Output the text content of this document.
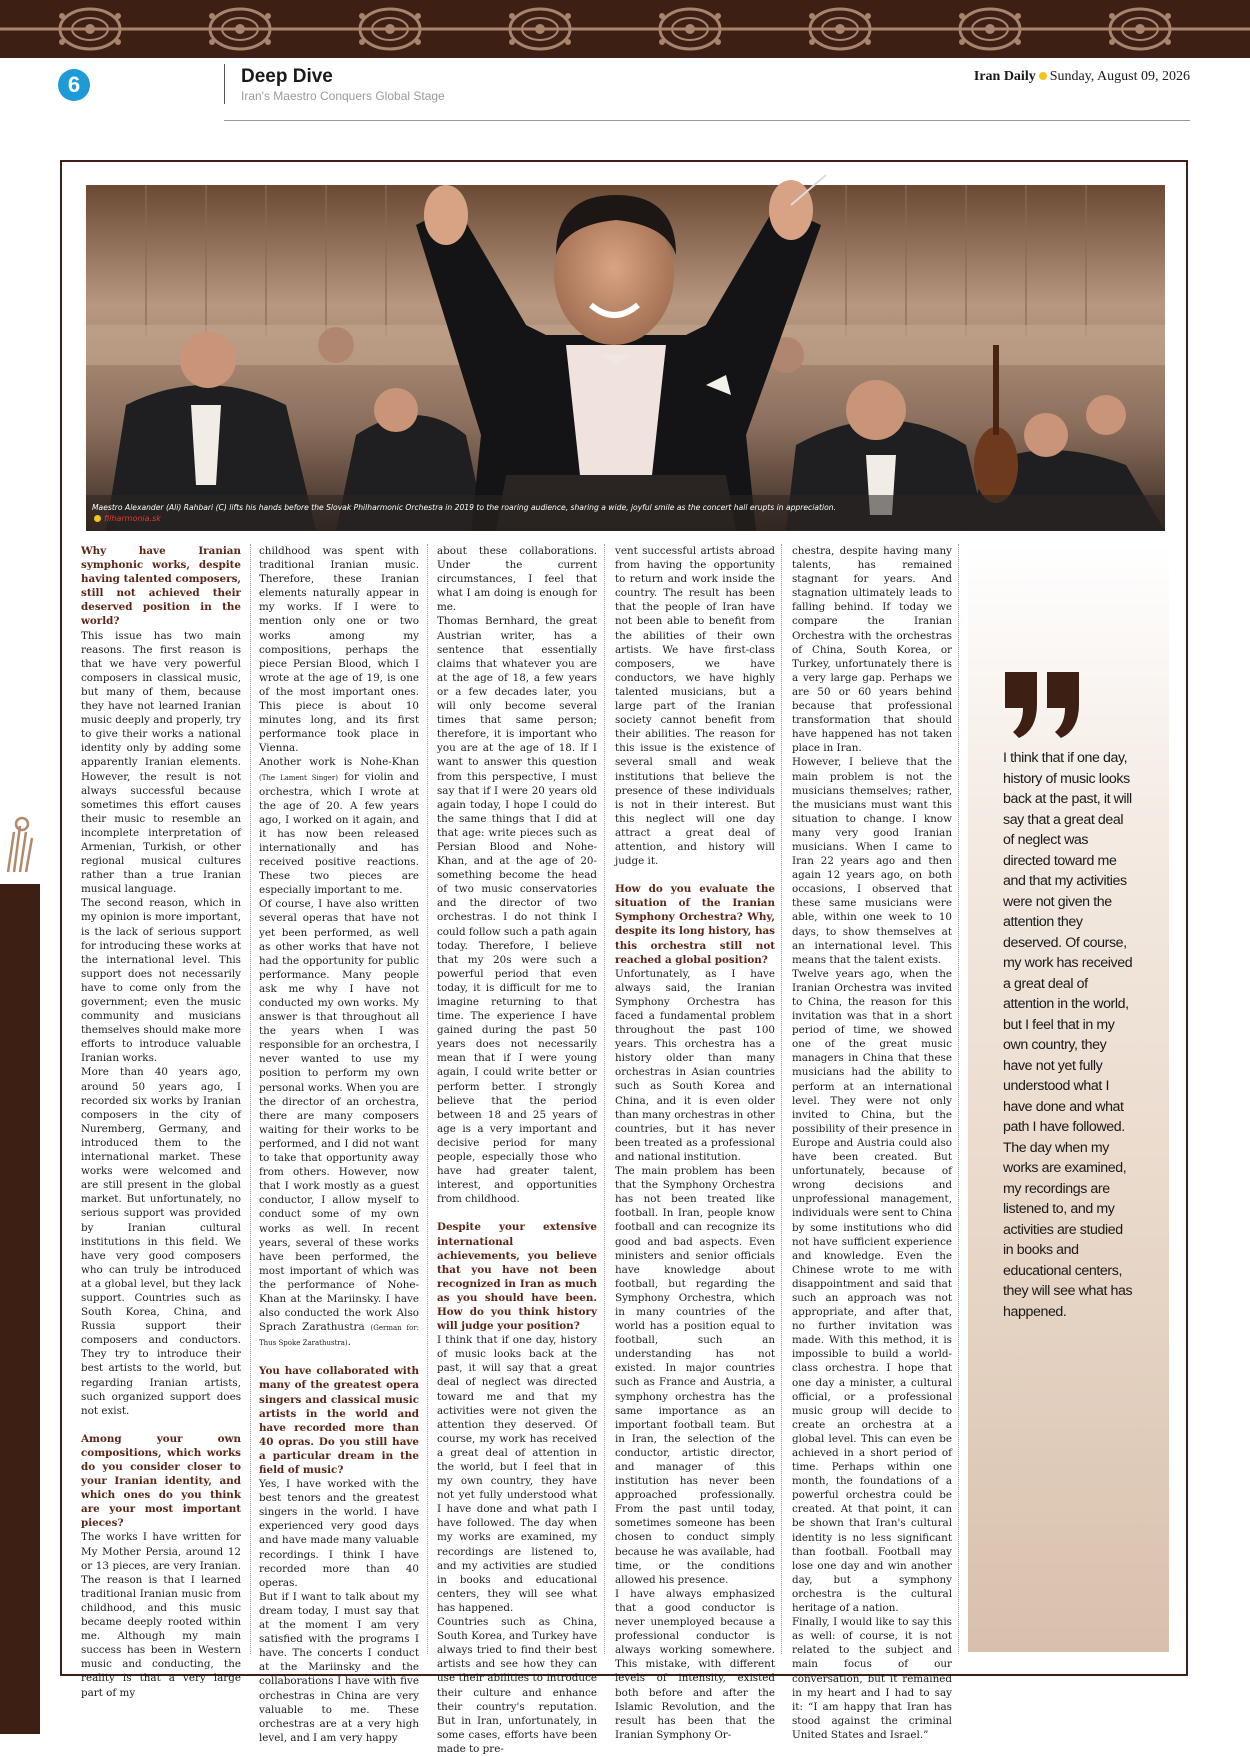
6	Deep Dive
Iran's Maestro Conquers Global Stage
Iran Daily Sunday, August 09, 2026
Maestro Alexander (Ali) Rahbari (C) lifts his hands before the Slovak Philharmonic Orchestra in 2019 to the roaring audience, sharing a wide, joyful smile as the concert hall erupts in appreciation.
filharmonia.sk

Why have Iranian symphonic works, despite having talented composers, still not achieved their deserved position in the world?

This issue has two main reasons. The first reason is that we have very powerful composers in classical music, but many of them, because they have not learned Iranian music deeply and properly, try to give their works a national identity only by adding some apparently Iranian elements. However, the result is not always successful because sometimes this effort causes their music to resemble an incomplete interpretation of Armenian, Turkish, or other regional musical cultures rather than a true Iranian musical language.

The second reason, which in my opinion is more important, is the lack of serious support for introducing these works at the international level. This support does not necessarily have to come only from the government; even the music community and musicians themselves should make more efforts to introduce valuable Iranian works.

More than 40 years ago, around 50 years ago, I recorded six works by Iranian composers in the city of Nuremberg, Germany, and introduced them to the international market. These works were welcomed and are still present in the global market. But unfortunately, no serious support was provided by Iranian cultural institutions in this field. We have very good composers who can truly be introduced at a global level, but they lack support. Countries such as South Korea, China, and Russia support their composers and conductors. They try to introduce their best artists to the world, but regarding Iranian artists, such organized support does not exist.

Among your own compositions, which works do you consider closer to your Iranian identity, and which ones do you think are your most important pieces?

The works I have written for My Mother Persia, around 12 or 13 pieces, are very Iranian. The reason is that I learned traditional Iranian music from childhood, and this music became deeply rooted within me. Although my main success has been in Western music and conducting, the reality is that a very large part of my

childhood was spent with traditional Iranian music. Therefore, these Iranian elements naturally appear in my works. If I were to mention only one or two works among my compositions, perhaps the piece Persian Blood, which I wrote at the age of 19, is one of the most important ones. This piece is about 10 minutes long, and its first performance took place in Vienna.

Another work is Nohe-Khan (The Lament Singer) for violin and orchestra, which I wrote at the age of 20. A few years ago, I worked on it again, and it has now been released internationally and has received positive reactions. These two pieces are especially important to me.

Of course, I have also written several operas that have not yet been performed, as well as other works that have not had the opportunity for public performance. Many people ask me why I have not conducted my own works. My answer is that throughout all the years when I was responsible for an orchestra, I never wanted to use my position to perform my own personal works. When you are the director of an orchestra, there are many composers waiting for their works to be performed, and I did not want to take that opportunity away from others. However, now that I work mostly as a guest conductor, I allow myself to conduct some of my own works as well. In recent years, several of these works have been performed, the most important of which was the performance of Nohe-Khan at the Mariinsky. I have also conducted the work Also Sprach Zarathustra (German for: Thus Spoke Zarathustra).

You have collaborated with many of the greatest opera singers and classical music artists in the world and have recorded more than 40 opras. Do you still have a particular dream in the field of music?

Yes, I have worked with the best tenors and the greatest singers in the world. I have experienced very good days and have made many valuable recordings. I think I have recorded more than 40 operas.

But if I want to talk about my dream today, I must say that at the moment I am very satisfied with the programs I have. The concerts I conduct at the Mariinsky and the collaborations I have with five orchestras in China are very valuable to me. These orchestras are at a very high level, and I am very happy

about these collaborations. Under the current circumstances, I feel that what I am doing is enough for me.

Thomas Bernhard, the great Austrian writer, has a sentence that essentially claims that whatever you are at the age of 18, a few years or a few decades later, you will only become several times that same person; therefore, it is important who you are at the age of 18. If I want to answer this question from this perspective, I must say that if I were 20 years old again today, I hope I could do the same things that I did at that age: write pieces such as Persian Blood and Nohe-Khan, and at the age of 20-something become the head of two music conservatories and the director of two orchestras. I do not think I could follow such a path again today. Therefore, I believe that my 20s were such a powerful period that even today, it is difficult for me to imagine returning to that time. The experience I have gained during the past 50 years does not necessarily mean that if I were young again, I could write better or perform better. I strongly believe that the period between 18 and 25 years of age is a very important and decisive period for many people, especially those who have had greater talent, interest, and opportunities from childhood.

Despite your extensive international achievements, you believe that you have not been recognized in Iran as much as you should have been. How do you think history will judge your position?

I think that if one day, history of music looks back at the past, it will say that a great deal of neglect was directed toward me and that my activities were not given the attention they deserved. Of course, my work has received a great deal of attention in the world, but I feel that in my own country, they have not yet fully understood what I have done and what path I have followed. The day when my works are examined, my recordings are listened to, and my activities are studied in books and educational centers, they will see what has happened.

Countries such as China, South Korea, and Turkey have always tried to find their best artists and see how they can use their abilities to introduce their culture and enhance their country's reputation. But in Iran, unfortunately, in some cases, efforts have been made to pre-

vent successful artists abroad from having the opportunity to return and work inside the country. The result has been that the people of Iran have not been able to benefit from the abilities of their own artists. We have first-class composers, we have conductors, we have highly talented musicians, but a large part of the Iranian society cannot benefit from their abilities. The reason for this issue is the existence of several small and weak institutions that believe the presence of these individuals is not in their interest. But this neglect will one day attract a great deal of attention, and history will judge it.

How do you evaluate the situation of the Iranian Symphony Orchestra? Why, despite its long history, has this orchestra still not reached a global position?

Unfortunately, as I have always said, the Iranian Symphony Orchestra has faced a fundamental problem throughout the past 100 years. This orchestra has a history older than many orchestras in Asian countries such as South Korea and China, and it is even older than many orchestras in other countries, but it has never been treated as a professional and national institution.

The main problem has been that the Symphony Orchestra has not been treated like football. In Iran, people know football and can recognize its good and bad aspects. Even ministers and senior officials have knowledge about football, but regarding the Symphony Orchestra, which in many countries of the world has a position equal to football, such an understanding has not existed. In major countries such as France and Austria, a symphony orchestra has the same importance as an important football team. But in Iran, the selection of the conductor, artistic director, and manager of this institution has never been approached professionally. From the past until today, sometimes someone has been chosen to conduct simply because he was available, had time, or the conditions allowed his presence.

I have always emphasized that a good conductor is never unemployed because a professional conductor is always working somewhere. This mistake, with different levels of intensity, existed both before and after the Islamic Revolution, and the result has been that the Iranian Symphony Or-

chestra, despite having many talents, has remained stagnant for years. And stagnation ultimately leads to falling behind. If today we compare the Iranian Orchestra with the orchestras of China, South Korea, or Turkey, unfortunately there is a very large gap. Perhaps we are 50 or 60 years behind because that professional transformation that should have happened has not taken place in Iran.

However, I believe that the main problem is not the musicians themselves; rather, the musicians must want this situation to change. I know many very good Iranian musicians. When I came to Iran 22 years ago and then again 12 years ago, on both occasions, I observed that these same musicians were able, within one week to 10 days, to show themselves at an international level. This means that the talent exists.

Twelve years ago, when the Iranian Orchestra was invited to China, the reason for this invitation was that in a short period of time, we showed one of the great music managers in China that these musicians had the ability to perform at an international level. They were not only invited to China, but the possibility of their presence in Europe and Austria could also have been created. But unfortunately, because of wrong decisions and unprofessional management, individuals were sent to China by some institutions who did not have sufficient experience and knowledge. Even the Chinese wrote to me with disappointment and said that such an approach was not appropriate, and after that, no further invitation was made. With this method, it is impossible to build a world-class orchestra. I hope that one day a minister, a cultural official, or a professional music group will decide to create an orchestra at a global level. This can even be achieved in a short period of time. Perhaps within one month, the foundations of a powerful orchestra could be created. At that point, it can be shown that Iran's cultural identity is no less significant than football. Football may lose one day and win another day, but a symphony orchestra is the cultural heritage of a nation.

Finally, I would like to say this as well: of course, it is not related to the subject and main focus of our conversation, but it remained in my heart and I had to say it: “I am happy that Iran has stood against the criminal United States and Israel.”

I think that if one day, history of music looks back at the past, it will say that a great deal of neglect was directed toward me and that my activities were not given the attention they deserved. Of course, my work has received a great deal of attention in the world, but I feel that in my own country, they have not yet fully understood what I have done and what path I have followed. The day when my works are examined, my recordings are listened to, and my activities are studied in books and educational centers, they will see what has happened.
